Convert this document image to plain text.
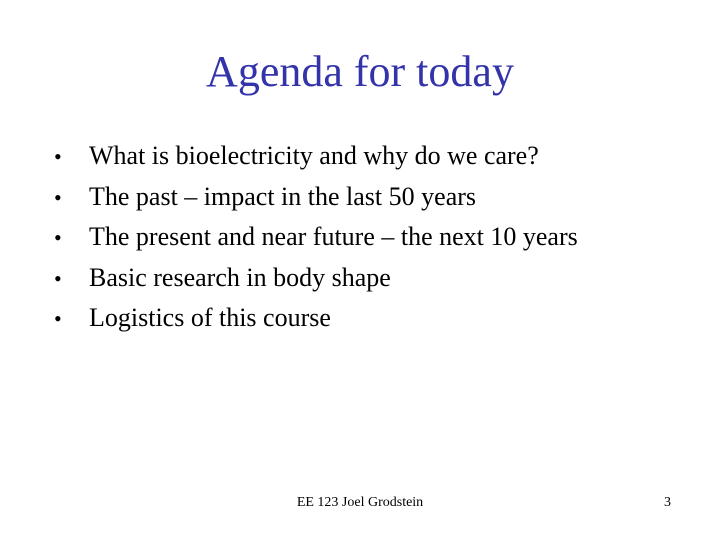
Agenda for today
•	What is bioelectricity and why do we care?
•	The past – impact in the last 50 years
•	The present and near future – the next 10 years
•	Basic research in body shape
•	Logistics of this course
EE 123 Joel Grodstein	3
